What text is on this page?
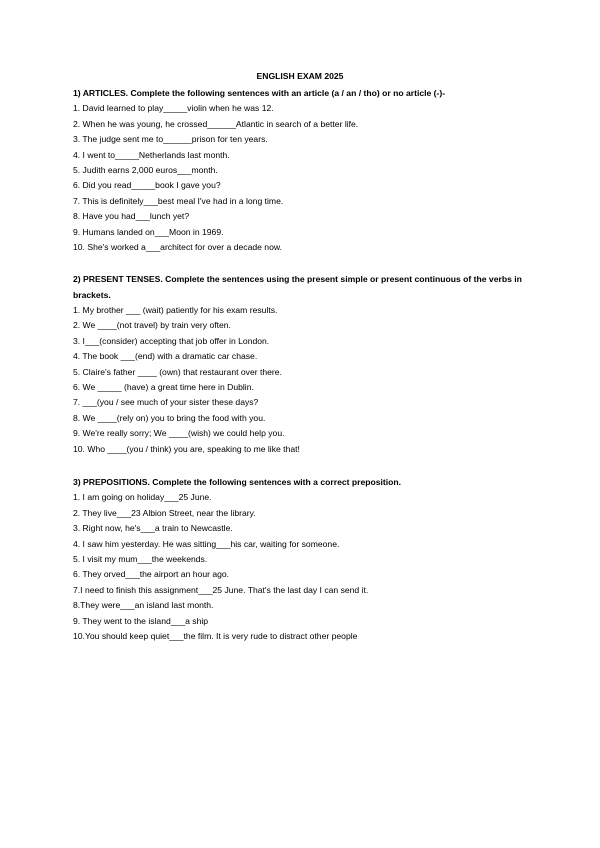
ENGLISH EXAM 2025
1) ARTICLES. Complete the following sentences with an article (a / an / tho) or no article (-)-
1. David learned to play_____violin when he was 12.
2. When he was young, he crossed______Atlantic in search of a better life.
3. The judge sent me to______prison for ten years.
4. I went to_____Netherlands last month.
5. Judith earns 2,000 euros___month.
6. Did you read_____book I gave you?
7. This is definitely___best meal I've had in a long time.
8. Have you had___lunch yet?
9. Humans landed on___Moon in 1969.
10. She's worked a___architect for over a decade now.
2) PRESENT TENSES. Complete the sentences using the present simple or present continuous of the verbs in brackets.
1. My brother ___ (wait) patiently for his exam results.
2. We ____(not travel) by train very often.
3. I___(consider) accepting that job offer in London.
4. The book ___(end) with a dramatic car chase.
5. Claire's father ____ (own) that restaurant over there.
6. We _____ (have) a great time here in Dublin.
7. ___(you / see much of your sister these days?
8. We ____(rely on) you to bring the food with you.
9. We're really sorry; We ____(wish) we could help you.
10. Who ____(you / think) you are, speaking to me like that!
3) PREPOSITIONS. Complete the following sentences with a correct preposition.
1. I am going on holiday___25 June.
2. They live___23 Albion Street, near the library.
3. Right now, he's___a train to Newcastle.
4. I saw him yesterday. He was sitting___his car, waiting for someone.
5. I visit my mum___the weekends.
6. They orved___the airport an hour ago.
7.I need to finish this assignment___25 June. That's the last day I can send it.
8.They were___an island last month.
9. They went to the island___a ship
10.You should keep quiet___the film. It is very rude to distract other people
